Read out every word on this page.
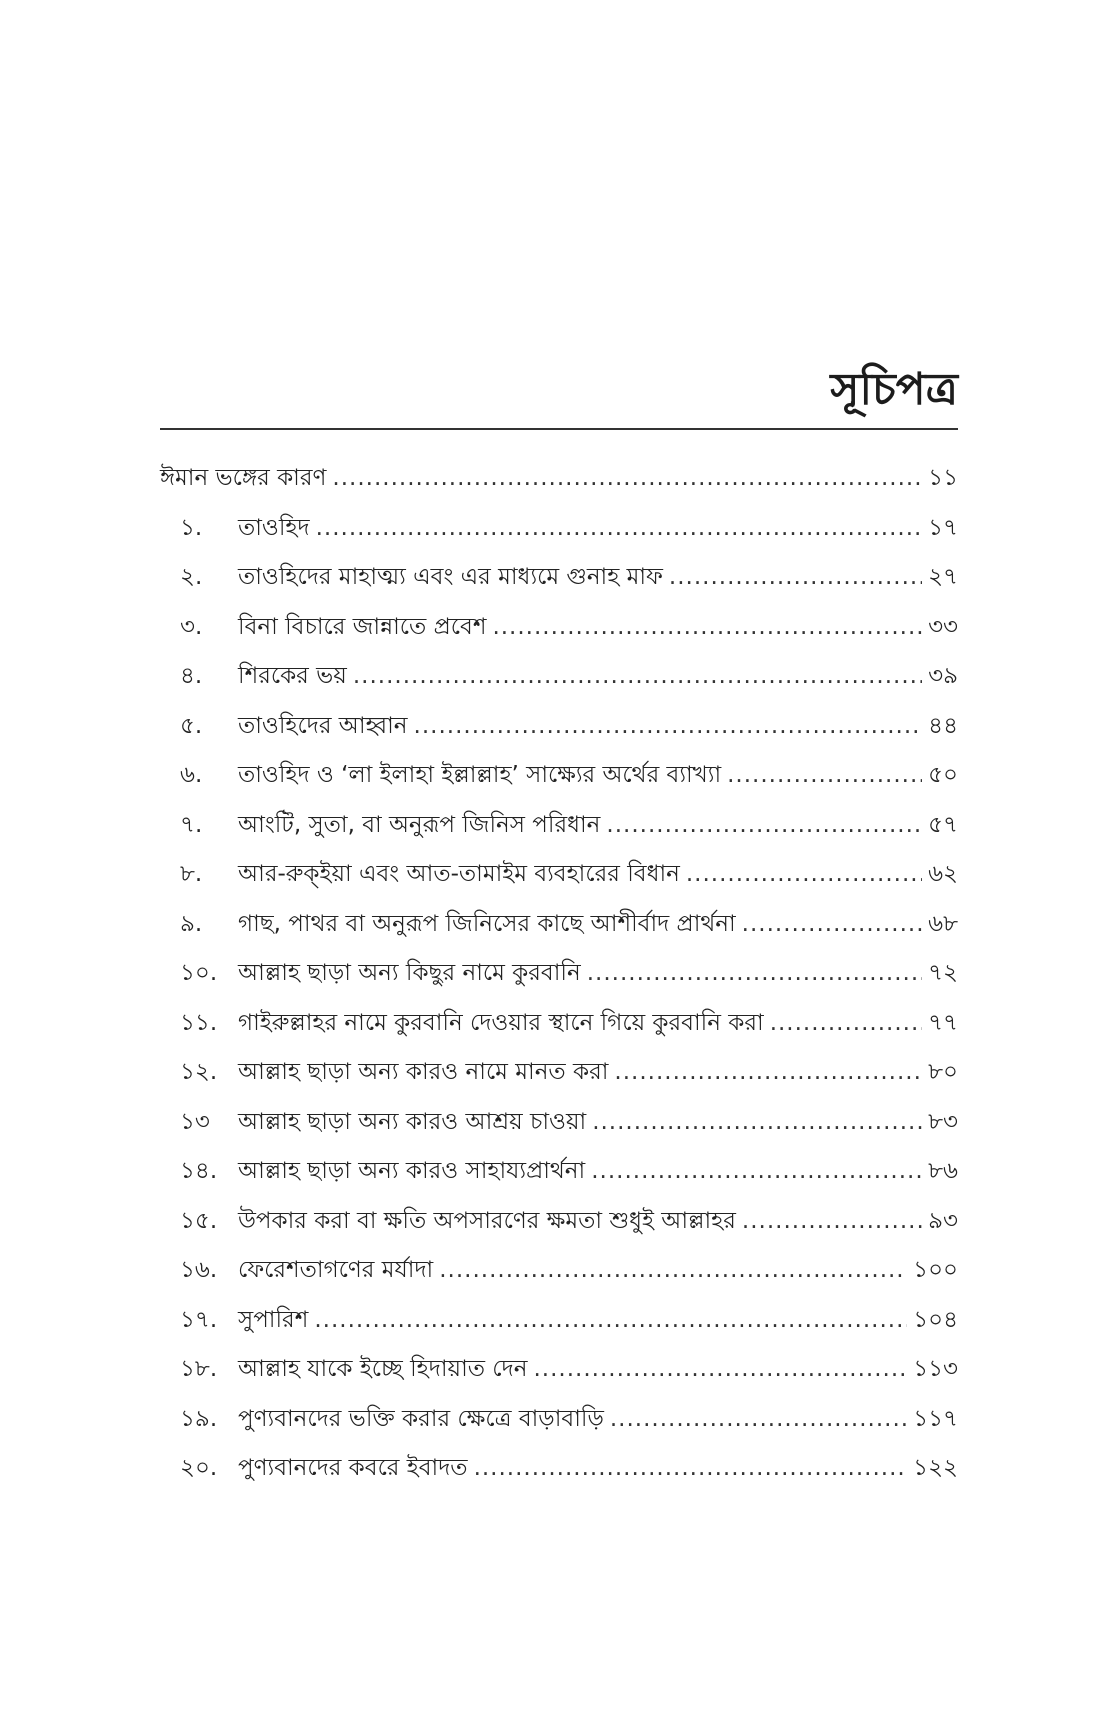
সূচিপত্র
ঈমান ভঙ্গের কারণ .....	১১
১.	তাওহিদ .....	১৭
২.	তাওহিদের মাহাত্ম্য এবং এর মাধ্যমে গুনাহ মাফ .....	২৭
৩.	বিনা বিচারে জান্নাতে প্রবেশ .....	৩৩
৪.	শিরকের ভয় .....	৩৯
৫.	তাওহিদের আহ্বান .....	৪৪
৬.	তাওহিদ ও ‘লা ইলাহা ইল্লাল্লাহ’ সাক্ষ্যের অর্থের ব্যাখ্যা .....	৫০
৭.	আংটি, সুতা, বা অনুরূপ জিনিস পরিধান .....	৫৭
৮.	আর-রুক্ইয়া এবং আত-তামাইম ব্যবহারের বিধান .....	৬২
৯.	গাছ, পাথর বা অনুরূপ জিনিসের কাছে আশীর্বাদ প্রার্থনা .....	৬৮
১০. আল্লাহ ছাড়া অন্য কিছুর নামে কুরবানি .....	৭২
১১. গাইরুল্লাহর নামে কুরবানি দেওয়ার স্থানে গিয়ে কুরবানি করা .....	৭৭
১২. আল্লাহ ছাড়া অন্য কারও নামে মানত করা .....	৮০
১৩	আল্লাহ ছাড়া অন্য কারও আশ্রয় চাওয়া .....	৮৩
১৪. আল্লাহ ছাড়া অন্য কারও সাহায্যপ্রার্থনা .....	৮৬
১৫. উপকার করা বা ক্ষতি অপসারণের ক্ষমতা শুধুই আল্লাহর .....	৯৩
১৬. ফেরেশতাগণের মর্যাদা .....	১০০
১৭. সুপারিশ .....	১০৪
১৮. আল্লাহ যাকে ইচ্ছে হিদায়াত দেন .....	১১৩
১৯. পুণ্যবানদের ভক্তি করার ক্ষেত্রে বাড়াবাড়ি .....	১১৭
২০. পুণ্যবানদের কবরে ইবাদত .....	১২২
